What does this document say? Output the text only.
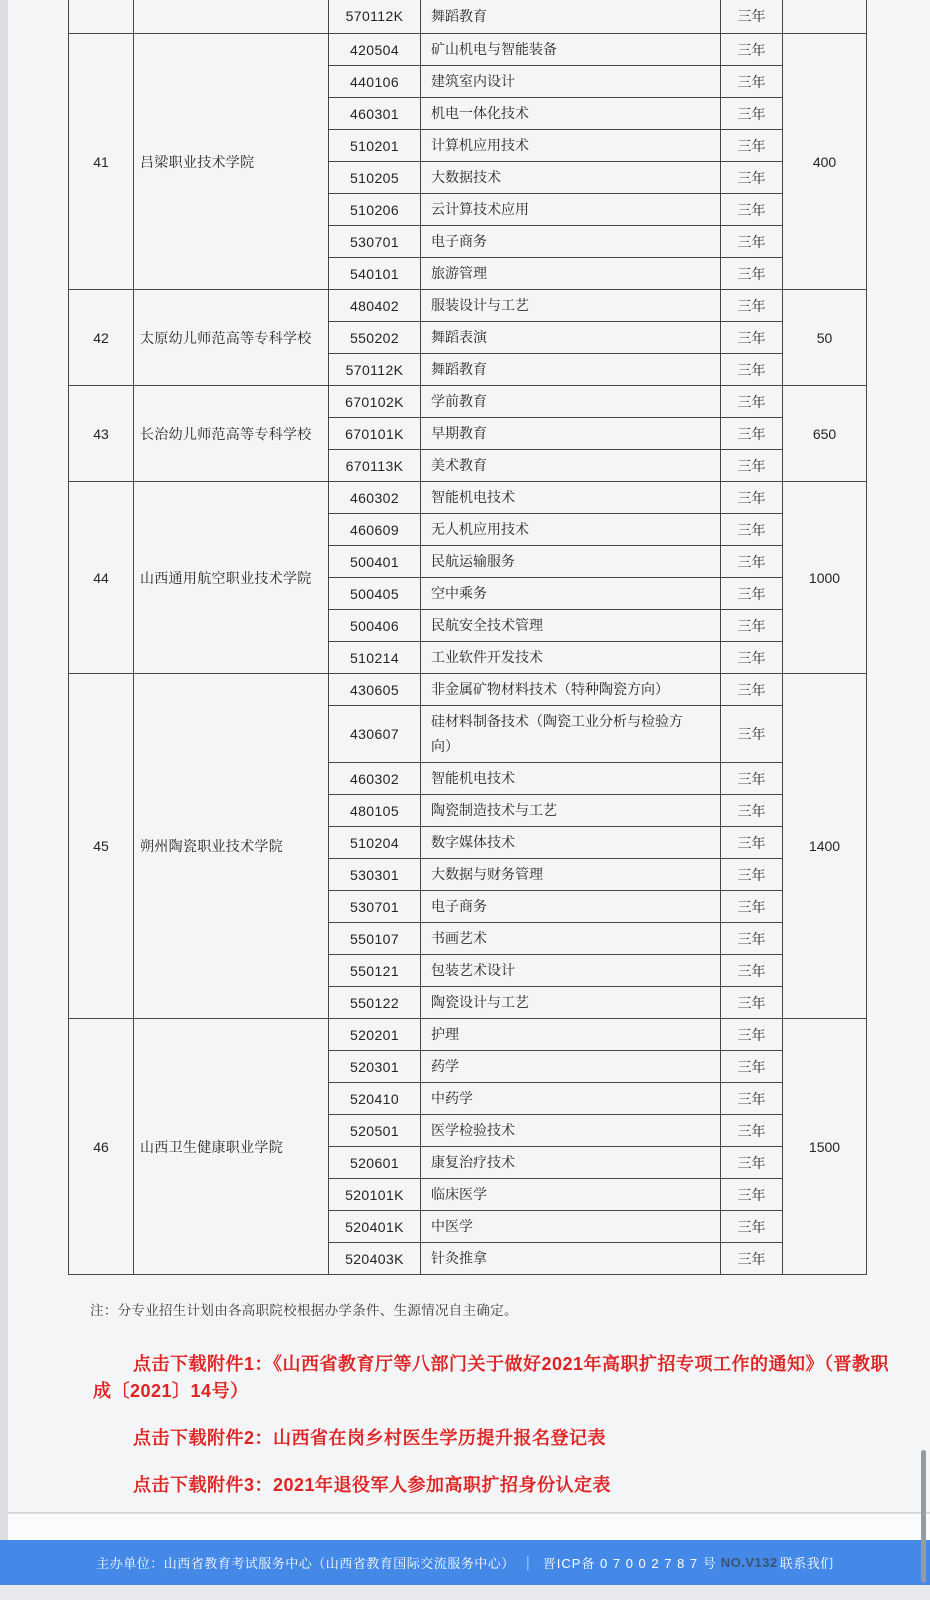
		570112K	舞蹈教育	三年	
41	吕梁职业技术学院	420504	矿山机电与智能装备	三年	400
		440106	建筑室内设计	三年	
		460301	机电一体化技术	三年	
		510201	计算机应用技术	三年	
		510205	大数据技术	三年	
		510206	云计算技术应用	三年	
		530701	电子商务	三年	
		540101	旅游管理	三年	
42	太原幼儿师范高等专科学校	480402	服装设计与工艺	三年	50
		550202	舞蹈表演	三年	
		570112K	舞蹈教育	三年	
43	长治幼儿师范高等专科学校	670102K	学前教育	三年	650
		670101K	早期教育	三年	
		670113K	美术教育	三年	
44	山西通用航空职业技术学院	460302	智能机电技术	三年	1000
		460609	无人机应用技术	三年	
		500401	民航运输服务	三年	
		500405	空中乘务	三年	
		500406	民航安全技术管理	三年	
		510214	工业软件开发技术	三年	
45	朔州陶瓷职业技术学院	430605	非金属矿物材料技术（特种陶瓷方向）	三年	1400
		430607	硅材料制备技术（陶瓷工业分析与检验方向）	三年	
		460302	智能机电技术	三年	
		480105	陶瓷制造技术与工艺	三年	
		510204	数字媒体技术	三年	
		530301	大数据与财务管理	三年	
		530701	电子商务	三年	
		550107	书画艺术	三年	
		550121	包装艺术设计	三年	
		550122	陶瓷设计与工艺	三年	
46	山西卫生健康职业学院	520201	护理	三年	1500
		520301	药学	三年	
		520410	中药学	三年	
		520501	医学检验技术	三年	
		520601	康复治疗技术	三年	
		520101K	临床医学	三年	
		520401K	中医学	三年	
		520403K	针灸推拿	三年	

注：分专业招生计划由各高职院校根据办学条件、生源情况自主确定。

点击下载附件1：《山西省教育厅等八部门关于做好2021年高职扩招专项工作的通知》（晋教职成〔2021〕14号）

点击下载附件2：山西省在岗乡村医生学历提升报名登记表

点击下载附件3：2021年退役军人参加高职扩招身份认定表

主办单位：山西省教育考试服务中心（山西省教育国际交流服务中心） │ 晋ICP备 0 7 0 0 2 7 8 7 号 NO.V132 联系我们
